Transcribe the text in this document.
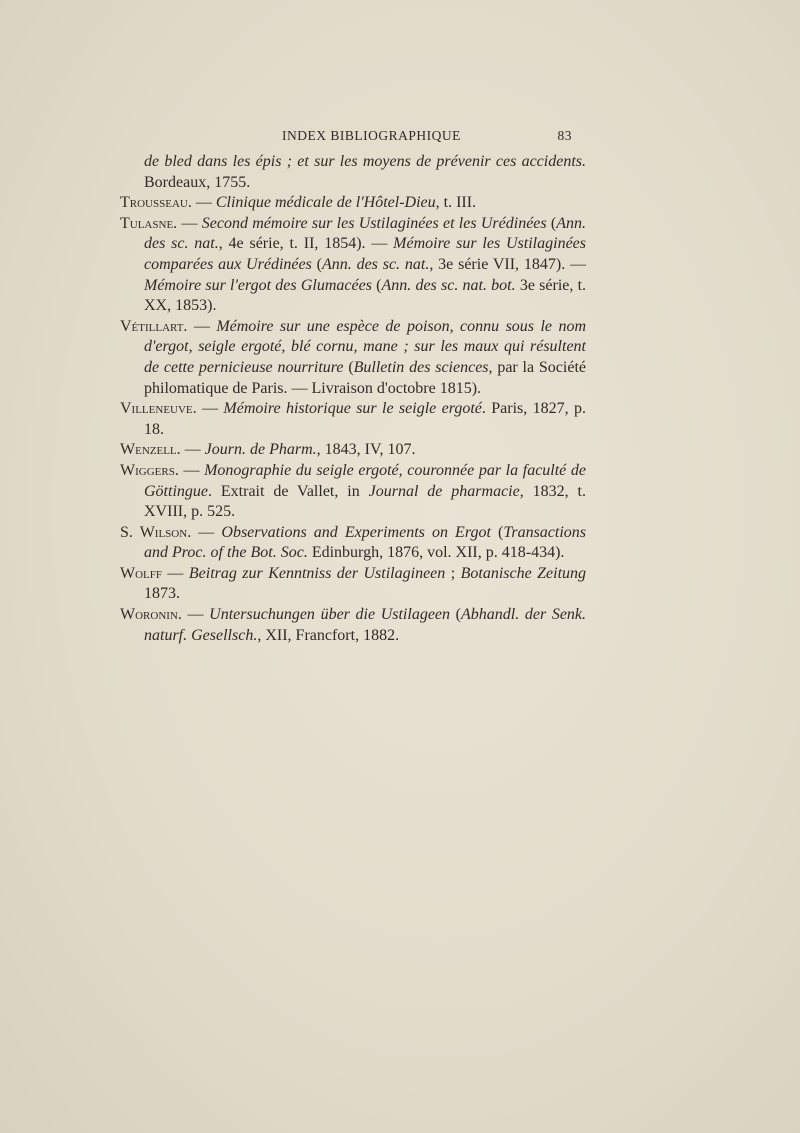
INDEX BIBLIOGRAPHIQUE	83

de bled dans les épis ; et sur les moyens de prévenir ces accidents. Bordeaux, 1755.

Trousseau. — Clinique médicale de l'Hôtel-Dieu, t. III.

Tulasne. — Second mémoire sur les Ustilaginées et les Urédinées (Ann. des sc. nat., 4e série, t. II, 1854). — Mémoire sur les Ustilaginées comparées aux Urédinées (Ann. des sc. nat., 3e série VII, 1847). — Mémoire sur l'ergot des Glumacées (Ann. des sc. nat. bot. 3e série, t. XX, 1853).

Vétillart. — Mémoire sur une espèce de poison, connu sous le nom d'ergot, seigle ergoté, blé cornu, mane ; sur les maux qui résultent de cette pernicieuse nourriture (Bulletin des sciences, par la Société philomatique de Paris. — Livraison d'octobre 1815).

Villeneuve. — Mémoire historique sur le seigle ergoté. Paris, 1827, p. 18.

Wenzell. — Journ. de Pharm., 1843, IV, 107.

Wiggers. — Monographie du seigle ergoté, couronnée par la faculté de Göttingue. Extrait de Vallet, in Journal de pharmacie, 1832, t. XVIII, p. 525.

S. Wilson. — Observations and Experiments on Ergot (Transactions and Proc. of the Bot. Soc. Edinburgh, 1876, vol. XII, p. 418-434).

Wolff — Beitrag zur Kenntniss der Ustilagineen ; Botanische Zeitung 1873.

Woronin. — Untersuchungen über die Ustilageen (Abhandl. der Senk. naturf. Gesellsch., XII, Francfort, 1882.
